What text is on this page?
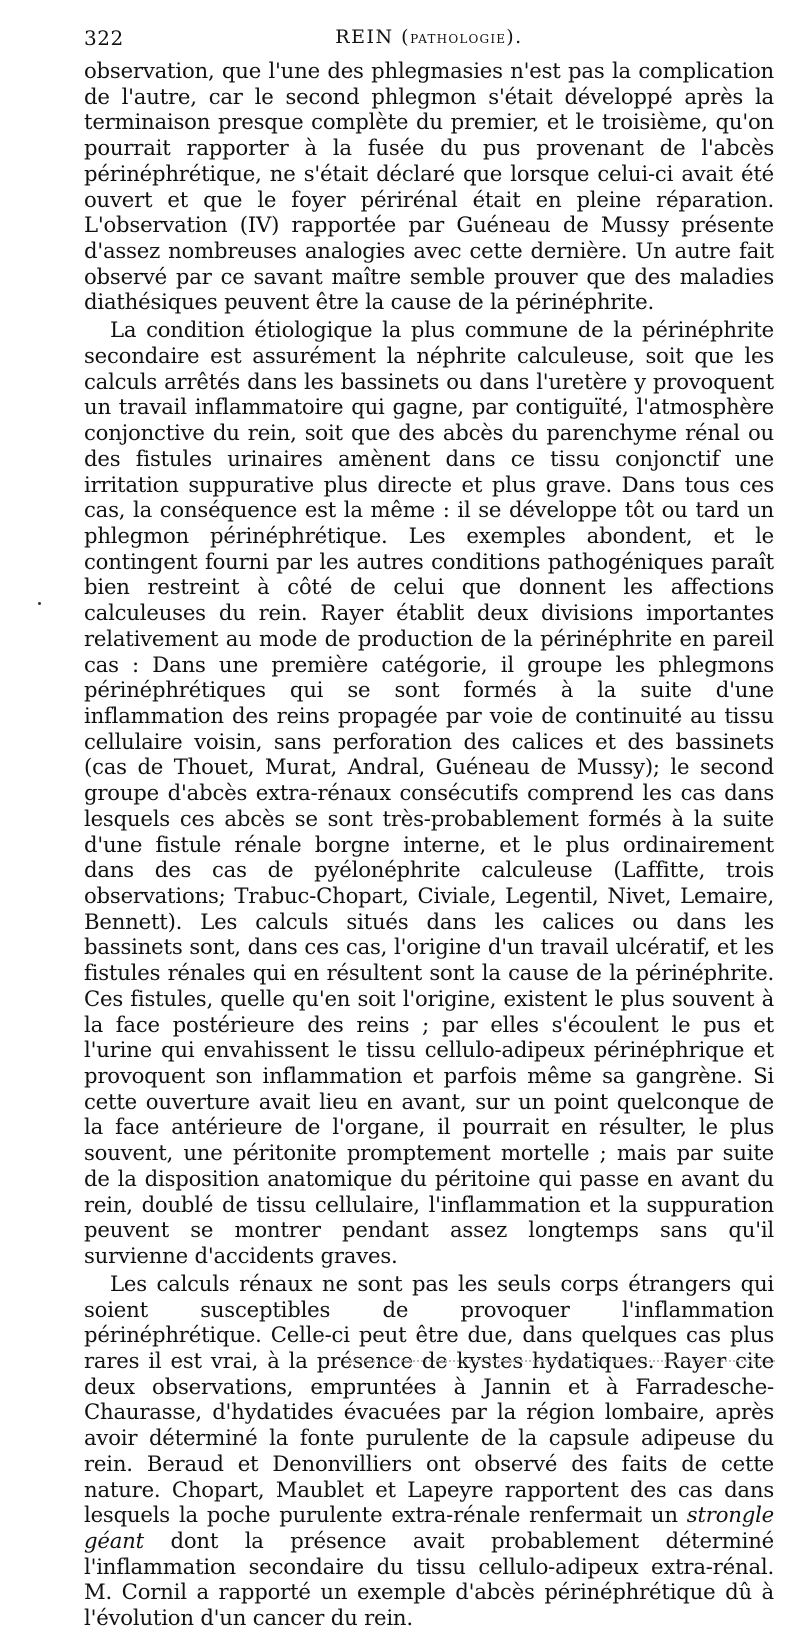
322	REIN (PATHOLOGIE).

observation, que l'une des phlegmasies n'est pas la complication de l'autre, car le second phlegmon s'était développé après la terminaison presque complète du premier, et le troisième, qu'on pourrait rapporter à la fusée du pus provenant de l'abcès périnéphrétique, ne s'était déclaré que lorsque celui-ci avait été ouvert et que le foyer périrénal était en pleine réparation. L'observation (IV) rapportée par Guéneau de Mussy présente d'assez nombreuses analogies avec cette dernière. Un autre fait observé par ce savant maître semble prouver que des maladies diathésiques peuvent être la cause de la périnéphrite.

La condition étiologique la plus commune de la périnéphrite secondaire est assurément la néphrite calculeuse, soit que les calculs arrêtés dans les bassinets ou dans l'uretère y provoquent un travail inflammatoire qui gagne, par contiguïté, l'atmosphère conjonctive du rein, soit que des abcès du parenchyme rénal ou des fistules urinaires amènent dans ce tissu conjonctif une irritation suppurative plus directe et plus grave. Dans tous ces cas, la conséquence est la même : il se développe tôt ou tard un phlegmon périnéphrétique. Les exemples abondent, et le contingent fourni par les autres conditions pathogéniques paraît bien restreint à côté de celui que donnent les affections calculeuses du rein. Rayer établit deux divisions importantes relativement au mode de production de la périnéphrite en pareil cas : Dans une première catégorie, il groupe les phlegmons périnéphrétiques qui se sont formés à la suite d'une inflammation des reins propagée par voie de continuité au tissu cellulaire voisin, sans perforation des calices et des bassinets (cas de Thouet, Murat, Andral, Guéneau de Mussy); le second groupe d'abcès extra-rénaux consécutifs comprend les cas dans lesquels ces abcès se sont très-probablement formés à la suite d'une fistule rénale borgne interne, et le plus ordinairement dans des cas de pyélonéphrite calculeuse (Laffitte, trois observations; Trabuc-Chopart, Civiale, Legentil, Nivet, Lemaire, Bennett). Les calculs situés dans les calices ou dans les bassinets sont, dans ces cas, l'origine d'un travail ulcératif, et les fistules rénales qui en résultent sont la cause de la périnéphrite. Ces fistules, quelle qu'en soit l'origine, existent le plus souvent à la face postérieure des reins ; par elles s'écoulent le pus et l'urine qui envahissent le tissu cellulo-adipeux périnéphrique et provoquent son inflammation et parfois même sa gangrène. Si cette ouverture avait lieu en avant, sur un point quelconque de la face antérieure de l'organe, il pourrait en résulter, le plus souvent, une péritonite promptement mortelle ; mais par suite de la disposition anatomique du péritoine qui passe en avant du rein, doublé de tissu cellulaire, l'inflammation et la suppuration peuvent se montrer pendant assez longtemps sans qu'il survienne d'accidents graves.

Les calculs rénaux ne sont pas les seuls corps étrangers qui soient susceptibles de provoquer l'inflammation périnéphrétique. Celle-ci peut être due, dans quelques cas plus rares il est vrai, à la présence de kystes hydatiques. Rayer cite deux observations, empruntées à Jannin et à Farradesche-Chaurasse, d'hydatides évacuées par la région lombaire, après avoir déterminé la fonte purulente de la capsule adipeuse du rein. Beraud et Denonvilliers ont observé des faits de cette nature. Chopart, Maublet et Lapeyre rapportent des cas dans lesquels la poche purulente extra-rénale renfermait un strongle géant dont la présence avait probablement déterminé l'inflammation secondaire du tissu cellulo-adipeux extra-rénal. M. Cornil a rapporté un exemple d'abcès périnéphrétique dû à l'évolution d'un cancer du rein.
